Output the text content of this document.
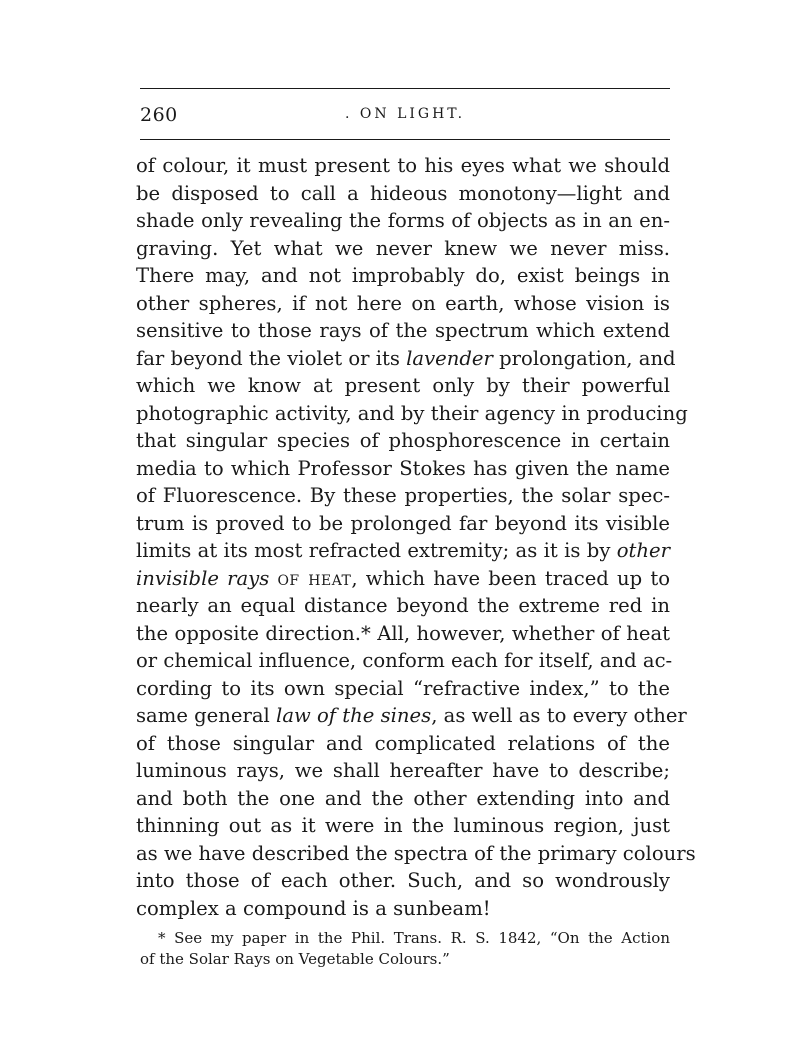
260	. ON LIGHT.
of colour, it must present to his eyes what we should
be disposed to call a hideous monotony—light and
shade only revealing the forms of objects as in an en-
graving. Yet what we never knew we never miss.
There may, and not improbably do, exist beings in
other spheres, if not here on earth, whose vision is
sensitive to those rays of the spectrum which extend
far beyond the violet or its lavender prolongation, and
which we know at present only by their powerful
photographic activity, and by their agency in producing
that singular species of phosphorescence in certain
media to which Professor Stokes has given the name
of Fluorescence. By these properties, the solar spec-
trum is proved to be prolonged far beyond its visible
limits at its most refracted extremity; as it is by other
invisible rays of heat, which have been traced up to
nearly an equal distance beyond the extreme red in
the opposite direction.* All, however, whether of heat
or chemical influence, conform each for itself, and ac-
cording to its own special “refractive index,” to the
same general law of the sines, as well as to every other
of those singular and complicated relations of the
luminous rays, we shall hereafter have to describe;
and both the one and the other extending into and
thinning out as it were in the luminous region, just
as we have described the spectra of the primary colours
into those of each other. Such, and so wondrously
complex a compound is a sunbeam!
* See my paper in the Phil. Trans. R. S. 1842, “On the Action
of the Solar Rays on Vegetable Colours.”
